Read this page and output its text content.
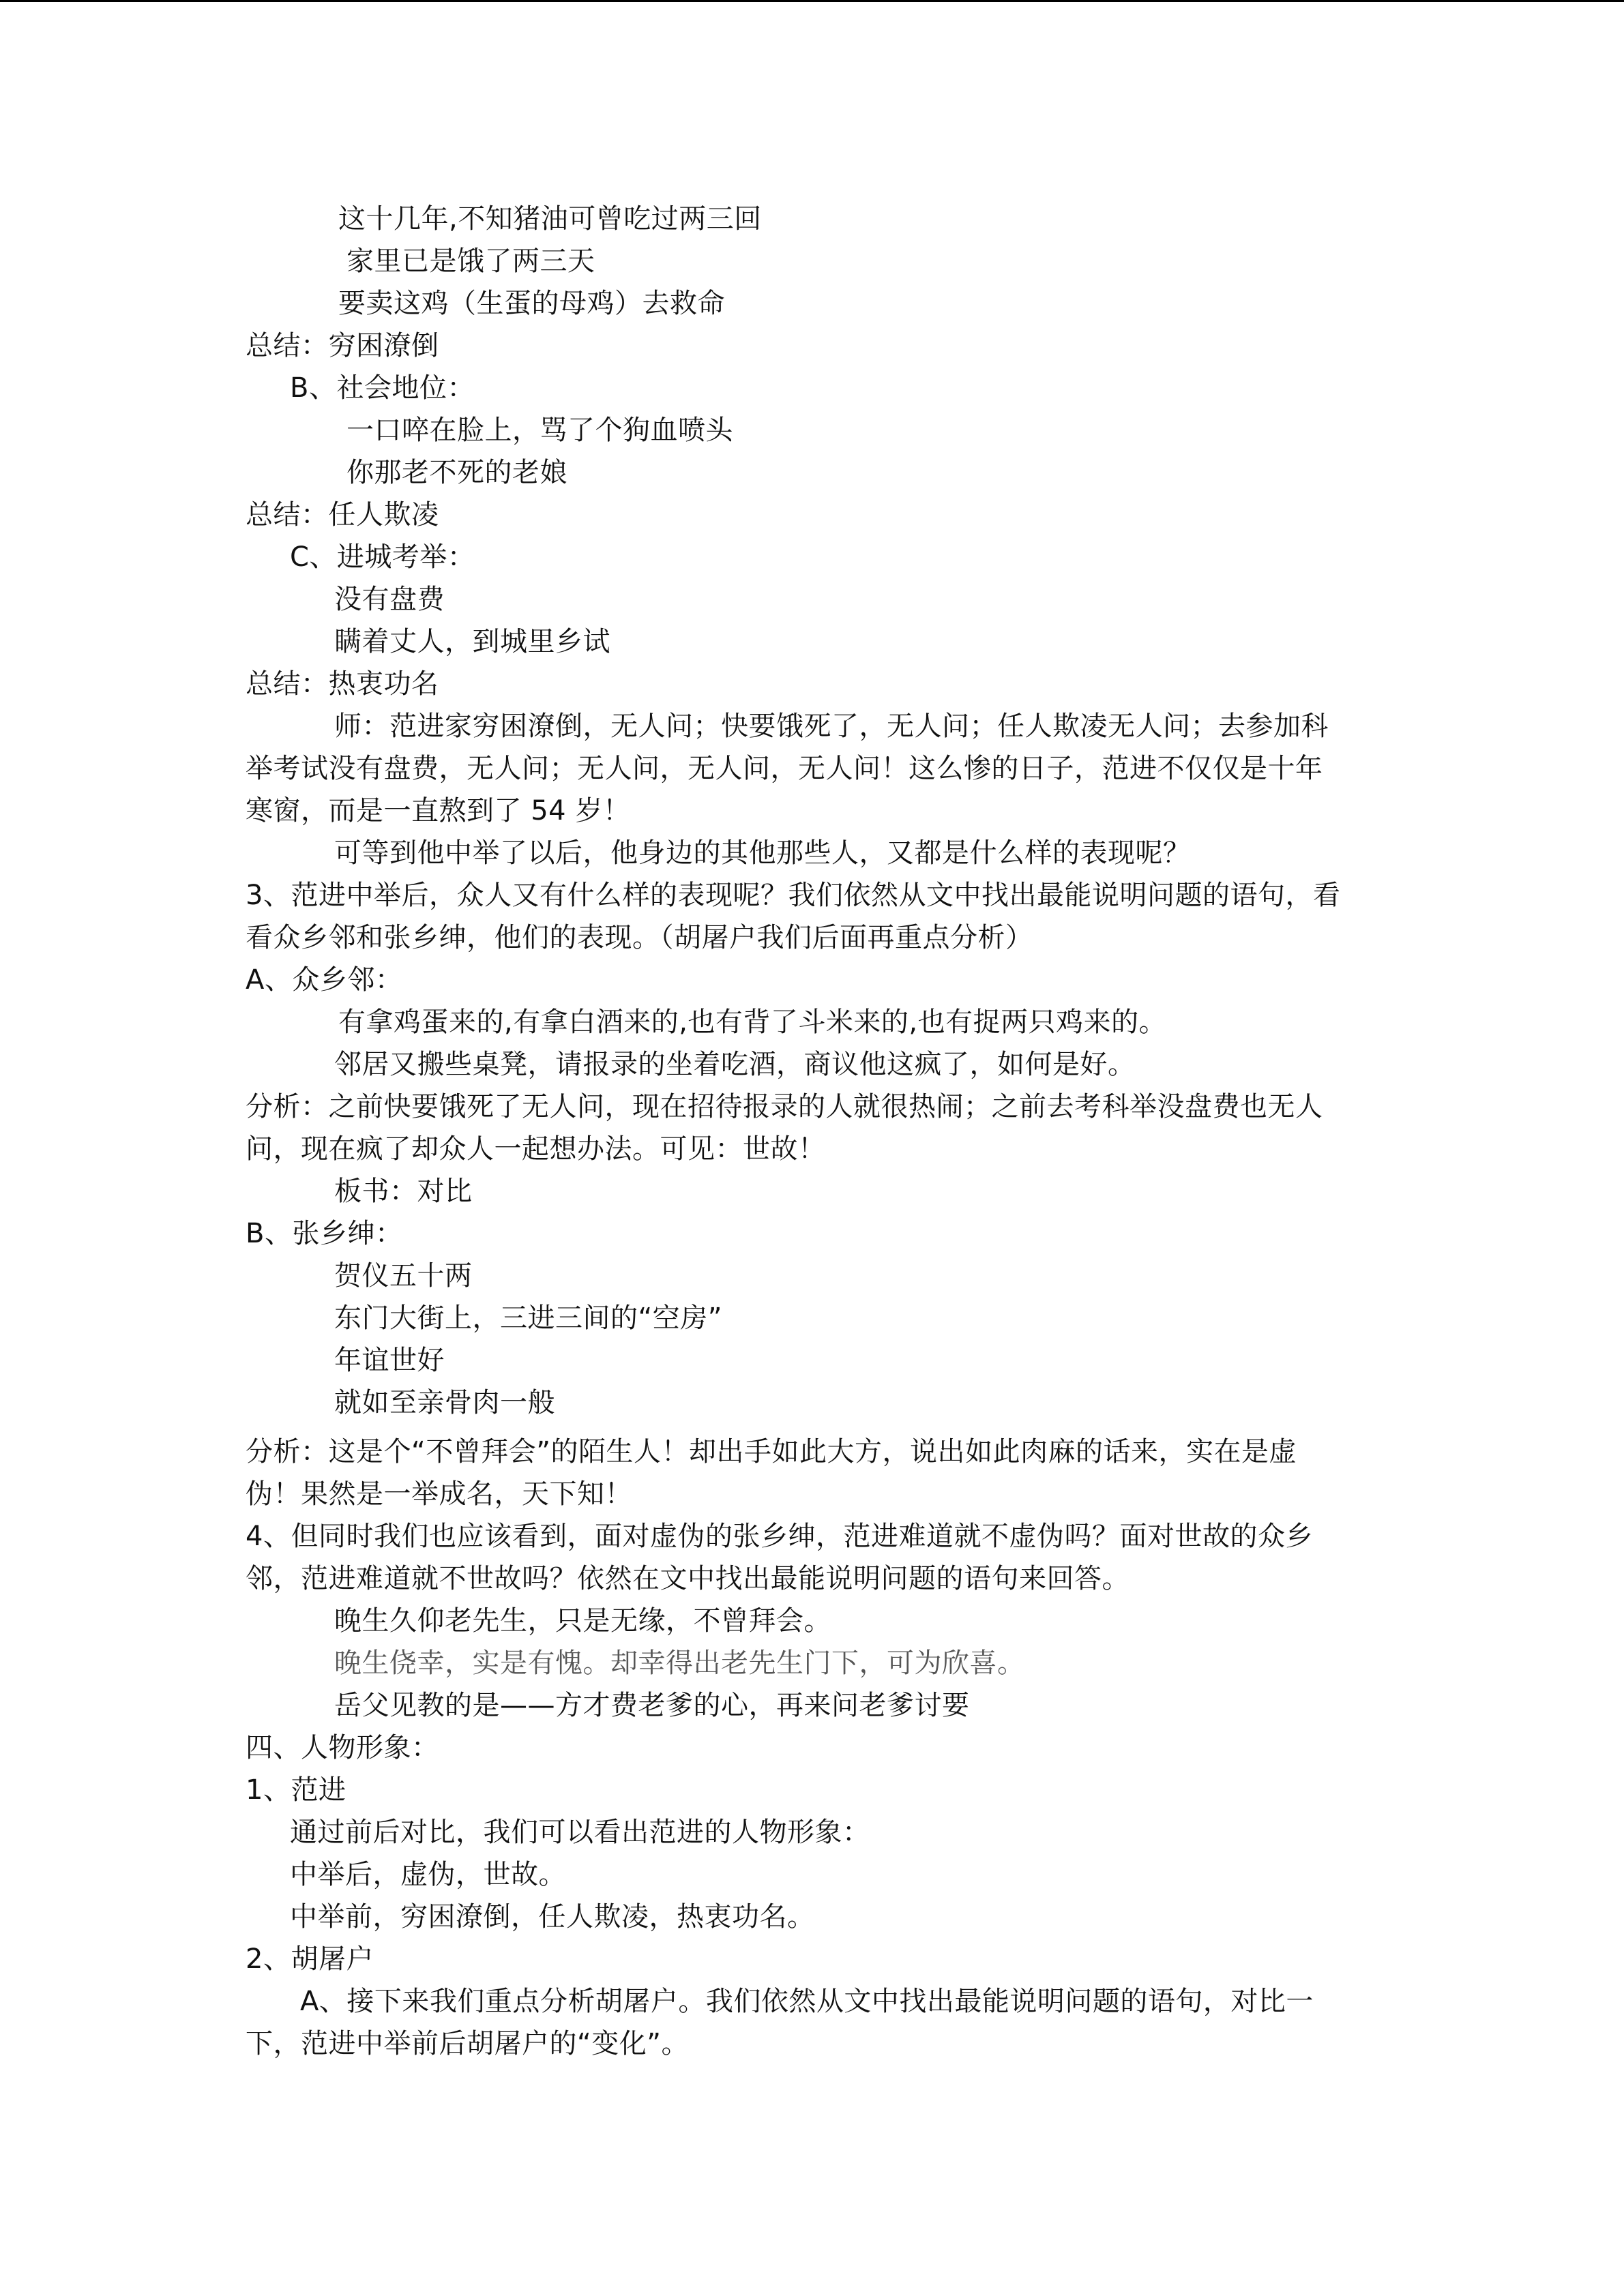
这十几年,不知猪油可曾吃过两三回
家里已是饿了两三天
要卖这鸡（生蛋的母鸡）去救命
总结：穷困潦倒
B、社会地位：
一口啐在脸上，骂了个狗血喷头
你那老不死的老娘
总结：任人欺凌
C、进城考举：
没有盘费
瞒着丈人，到城里乡试
总结：热衷功名
师：范进家穷困潦倒，无人问；快要饿死了，无人问；任人欺凌无人问；去参加科
举考试没有盘费，无人问；无人问，无人问，无人问！这么惨的日子，范进不仅仅是十年
寒窗，而是一直熬到了 54 岁！
可等到他中举了以后，他身边的其他那些人，又都是什么样的表现呢？
3、范进中举后，众人又有什么样的表现呢？我们依然从文中找出最能说明问题的语句，看
看众乡邻和张乡绅，他们的表现。（胡屠户我们后面再重点分析）
A、众乡邻：
有拿鸡蛋来的,有拿白酒来的,也有背了斗米来的,也有捉两只鸡来的。
邻居又搬些桌凳，请报录的坐着吃酒，商议他这疯了，如何是好。
分析：之前快要饿死了无人问，现在招待报录的人就很热闹；之前去考科举没盘费也无人
问，现在疯了却众人一起想办法。可见：世故！
板书：对比
B、张乡绅：
贺仪五十两
东门大街上，三进三间的“空房”
年谊世好
就如至亲骨肉一般
分析：这是个“不曾拜会”的陌生人！却出手如此大方，说出如此肉麻的话来，实在是虚
伪！果然是一举成名，天下知！
4、但同时我们也应该看到，面对虚伪的张乡绅，范进难道就不虚伪吗？面对世故的众乡
邻，范进难道就不世故吗？依然在文中找出最能说明问题的语句来回答。
晚生久仰老先生，只是无缘，不曾拜会。
晚生侥幸，实是有愧。却幸得出老先生门下，可为欣喜。
岳父见教的是——方才费老爹的心，再来问老爹讨要
四、人物形象：
1、范进
通过前后对比，我们可以看出范进的人物形象：
中举后，虚伪，世故。
中举前，穷困潦倒，任人欺凌，热衷功名。
2、胡屠户
A、接下来我们重点分析胡屠户。我们依然从文中找出最能说明问题的语句，对比一
下，范进中举前后胡屠户的“变化”。
